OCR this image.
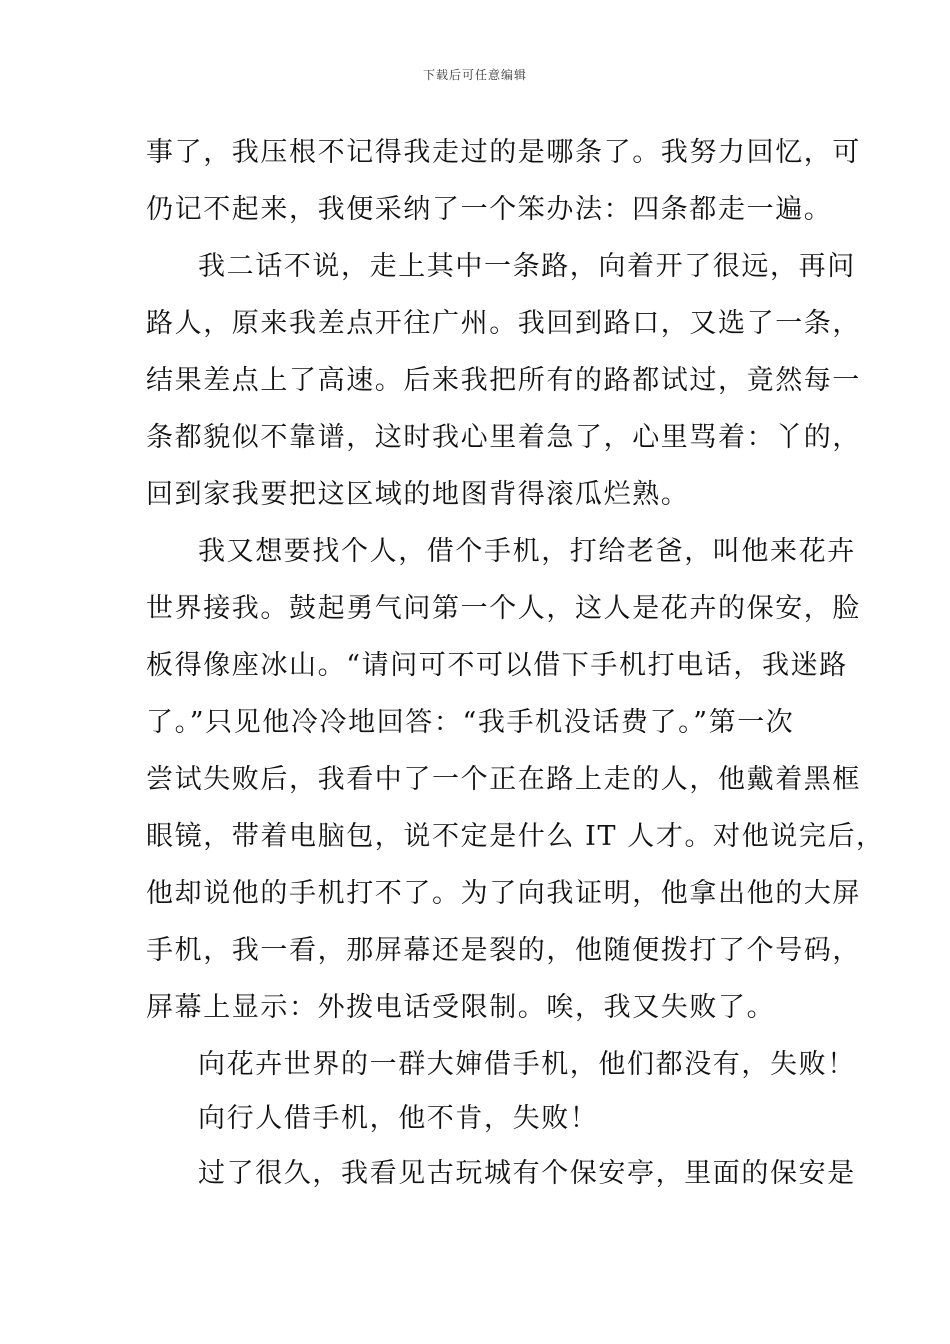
下载后可任意编辑
事了，我压根不记得我走过的是哪条了。我努力回忆，可
仍记不起来，我便采纳了一个笨办法：四条都走一遍。
我二话不说，走上其中一条路，向着开了很远，再问
路人，原来我差点开往广州。我回到路口，又选了一条，
结果差点上了高速。后来我把所有的路都试过，竟然每一
条都貌似不靠谱，这时我心里着急了，心里骂着：丫的，
回到家我要把这区域的地图背得滚瓜烂熟。
我又想要找个人，借个手机，打给老爸，叫他来花卉
世界接我。鼓起勇气问第一个人，这人是花卉的保安，脸
板得像座冰山。“请问可不可以借下手机打电话，我迷路
了。”只见他冷冷地回答：“我手机没话费了。”第一次
尝试失败后，我看中了一个正在路上走的人，他戴着黑框
眼镜，带着电脑包，说不定是什么 IT 人才。对他说完后，
他却说他的手机打不了。为了向我证明，他拿出他的大屏
手机，我一看，那屏幕还是裂的，他随便拨打了个号码，
屏幕上显示：外拨电话受限制。唉，我又失败了。
向花卉世界的一群大婶借手机，他们都没有，失败！
向行人借手机，他不肯，失败！
过了很久，我看见古玩城有个保安亭，里面的保安是
